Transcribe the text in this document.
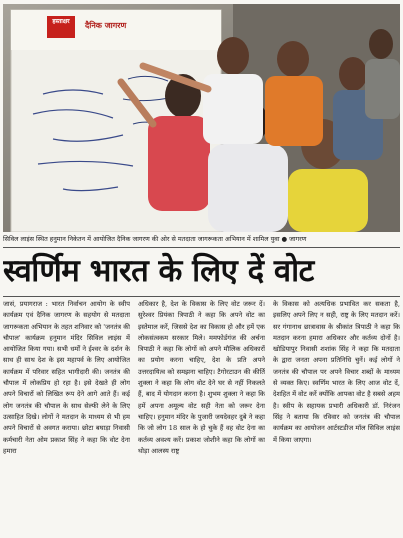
हस्ताक्षर	दैनिक जागरण
सिविल लाइंस स्थित हनुमान निकेतन में आयोजित दैनिक जागरण की ओर से मतदाता जागरूकता अभियान में शामिल युवा ● जागरण
स्वर्णिम भारत के लिए दें वोट

जासं, प्रयागराज : भारत निर्वाचन आयोग के स्वीप कार्यक्रम एवं दैनिक जागरण के सहयोग से मतदाता जागरूकता अभियान के तहत शनिवार को 'जनतंत्र की चौपाल' कार्यक्रम हनुमान मंदिर सिविल लाइंस में आयोजित किया गया। सभी धर्मों ने ईश्वर के दर्शन के साथ ही साथ देश के इस महापर्व के लिए आयोजित कार्यक्रम में परिवार सहित भागीदारी की। जनतंत्र की चौपाल में लोकप्रिय हो रहा है। इसे देखते ही लोग अपने विचारों को लिखित रूप देने आगे आते हैं। कई लोग जनतंत्र की चौपाल के साथ सेल्फी लेने के लिए उत्साहित दिखे। लोगों ने मतदान के माध्यम से भी हम अपने विचारों से अवगत कराया। छोटा बघाड़ा निवासी कर्मचारी नेता ओम प्रकाश सिंह ने कहा कि वोट देना हमारा

अधिकार है, देश के विकास के लिए वोट जरूर दें। सुरेश्वर प्रियंका त्रिपाठी ने कहा कि अपने वोट का इस्तेमाल करें, जिससे देश का विकास हो और हमें एक लोकसंत्वकम सरकार मिले। ममफोर्डगंज की अर्चना त्रिपाठी ने कहा कि लोगों को अपने मौलिक अधिकारों का प्रयोग करना चाहिए, देश के प्रति अपने उत्तरदायित्व को समझना चाहिए। टैगोरटाउन की कीर्ति शुक्ला ने कहा कि लोग वोट देने घर से नहीं निकलते हैं, बाद में योगदान करना है। शुभम शुक्ला ने कहा कि हमें अपना अमूल्य वोट सही नेता को जरूर देना चाहिए। हनुमान मंदिर के पुजारी जयदेवहर दुबे ने कहा कि जो लोग 18 साल के हो चुके हैं वह वोट देना का कर्तव्य अवश्य करें। प्रकाश जोशीने कहा कि लोगों का थोड़ा आलस्य राष्ट्र

के विकास को अत्यधिक प्रभावित कर सकता है, इसलिए अपने लिए न सही, राष्ट्र के लिए मतदान करें। सर गंगानाथ छात्रावास के श्रीकांत त्रिपाठी ने कहा कि मतदान करना हमारा अधिकार और कर्तव्य दोनों है। खोडियापुर निवासी शशांक सिंह ने कहा कि मतदाता के द्वारा जनता अपना प्रतिनिधि चुनें। कई लोगों ने जनतंत्र की चौपाल पर अपने विचार शब्दों के माध्यम से व्यक्त किए। स्वर्णिम भारत के लिए आज वोट दें, देशहित में वोट करें क्योंकि आपका वोट है सबसे अहम है। स्वीप के सहायक प्रभारी अधिकारी डॉ. निरंजन सिंह ने बताया कि रविवार को जनतंत्र की चौपाल कार्यक्रम का आयोजन आर्टस्टडीज मॉल सिविल लाइंस में किया जाएगा।
